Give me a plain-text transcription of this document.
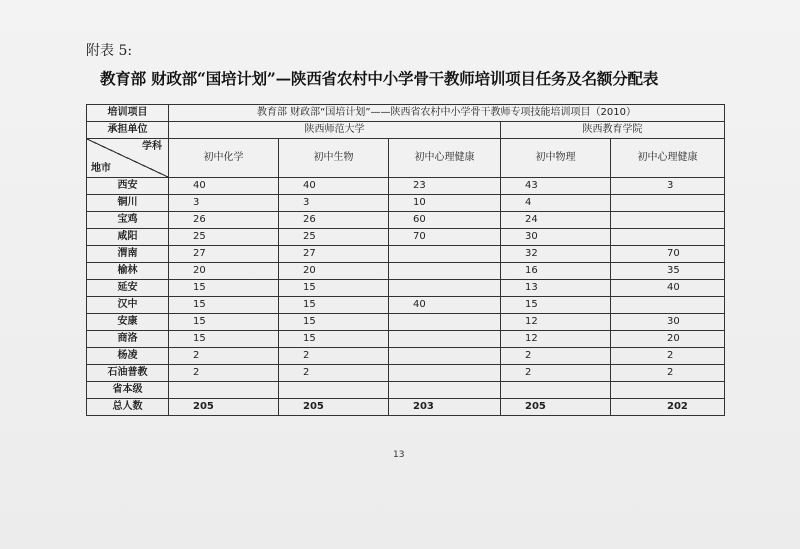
附表 5:
教育部 财政部“国培计划”—陕西省农村中小学骨干教师培训项目任务及名额分配表
培训项目	教育部 财政部“国培计划”——陕西省农村中小学骨干教师专项技能培训项目（2010）				
承担单位	陕西师范大学			陕西教育学院	

学科
地市	初中化学	初中生物	初中心理健康	初中物理	初中心理健康
西安	40	40	23	43	3
铜川	3	3	10	4	
宝鸡	26	26	60	24	
咸阳	25	25	70	30	
渭南	27	27		32	70
榆林	20	20		16	35
延安	15	15		13	40
汉中	15	15	40	15	
安康	15	15		12	30
商洛	15	15		12	20
杨凌	2	2		2	2
石油普教	2	2		2	2
省本级					
总人数	205	205	203	205	202
13
